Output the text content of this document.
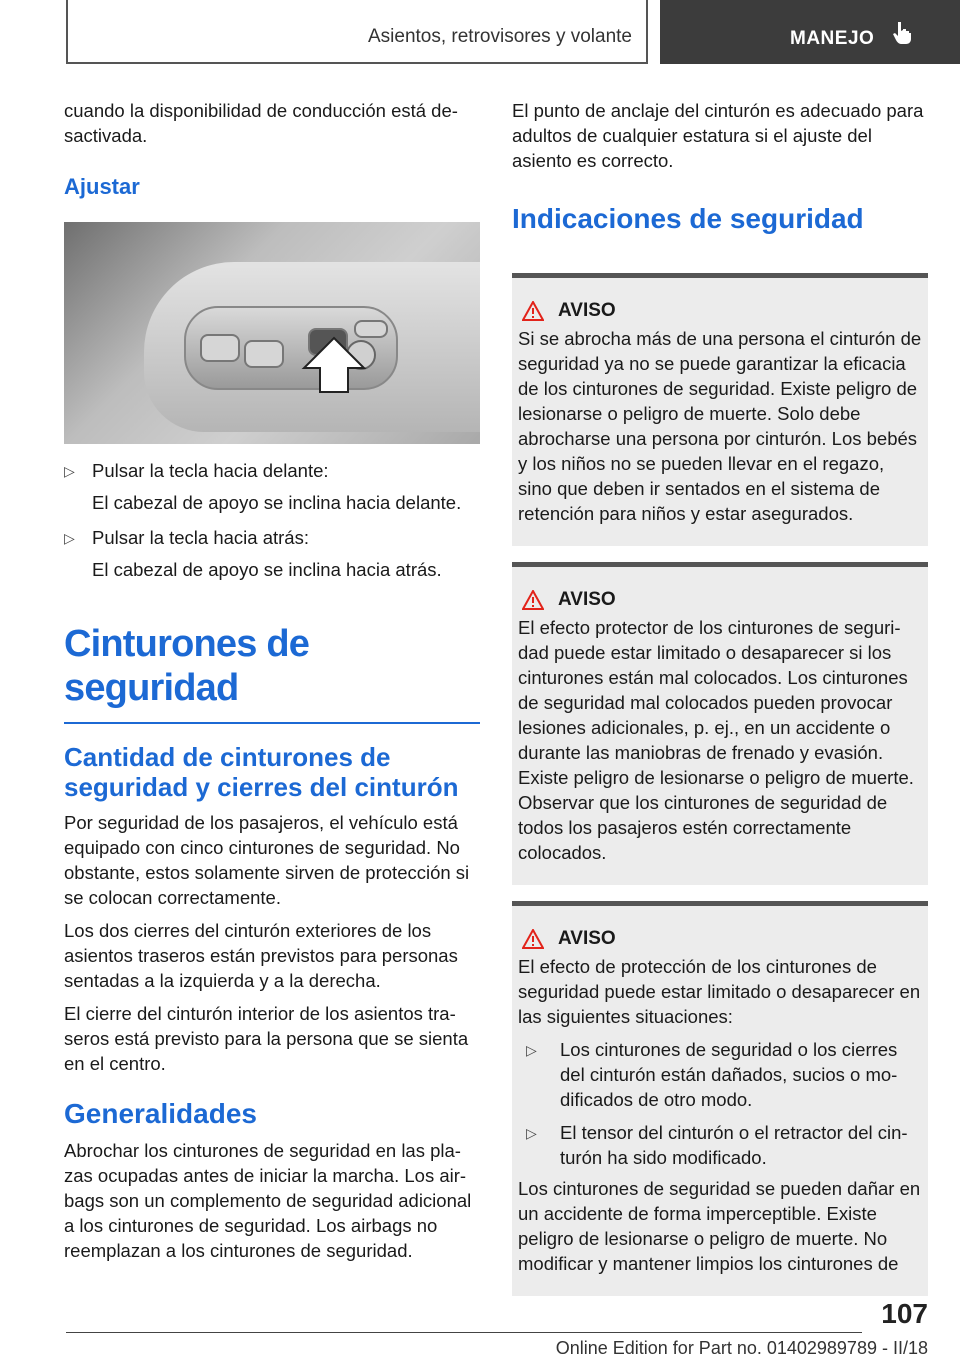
Asientos, retrovisores y volante	MANEJO

cuando la disponibilidad de conducción está desactivada.

Ajustar
▷ Pulsar la tecla hacia delante:

El cabezal de apoyo se inclina hacia delante.

▷ Pulsar la tecla hacia atrás:

El cabezal de apoyo se inclina hacia atrás.

Cinturones de seguridad
Cantidad de cinturones de seguridad y cierres del cinturón

Por seguridad de los pasajeros, el vehículo está equipado con cinco cinturones de seguridad. No obstante, estos solamente sirven de protección si se colocan correctamente.

Los dos cierres del cinturón exteriores de los asientos traseros están previstos para personas sentadas a la izquierda y a la derecha.

El cierre del cinturón interior de los asientos traseros está previsto para la persona que se sienta en el centro.

Generalidades

Abrochar los cinturones de seguridad en las plazas ocupadas antes de iniciar la marcha. Los airbags son un complemento de seguridad adicional a los cinturones de seguridad. Los airbags no reemplazan a los cinturones de seguridad.

El punto de anclaje del cinturón es adecuado para adultos de cualquier estatura si el ajuste del asiento es correcto.

Indicaciones de seguridad
AVISO

Si se abrocha más de una persona el cinturón de seguridad ya no se puede garantizar la eficacia de los cinturones de seguridad. Existe peligro de lesionarse o peligro de muerte. Solo debe abrocharse una persona por cinturón. Los bebés y los niños no se pueden llevar en el regazo, sino que deben ir sentados en el sistema de retención para niños y estar asegurados.

AVISO

El efecto protector de los cinturones de seguridad puede estar limitado o desaparecer si los cinturones están mal colocados. Los cinturones de seguridad mal colocados pueden provocar lesiones adicionales, p. ej., en un accidente o durante las maniobras de frenado y evasión. Existe peligro de lesionarse o peligro de muerte. Observar que los cinturones de seguridad de todos los pasajeros estén correctamente colocados.

AVISO

El efecto de protección de los cinturones de seguridad puede estar limitado o desaparecer en las siguientes situaciones:

▷	Los cinturones de seguridad o los cierres del cinturón están dañados, sucios o modificados de otro modo.
▷	El tensor del cinturón o el retractor del cinturón ha sido modificado.

Los cinturones de seguridad se pueden dañar en un accidente de forma imperceptible. Existe peligro de lesionarse o peligro de muerte. No modificar y mantener limpios los cinturones de

107
Online Edition for Part no. 01402989789 - II/18
